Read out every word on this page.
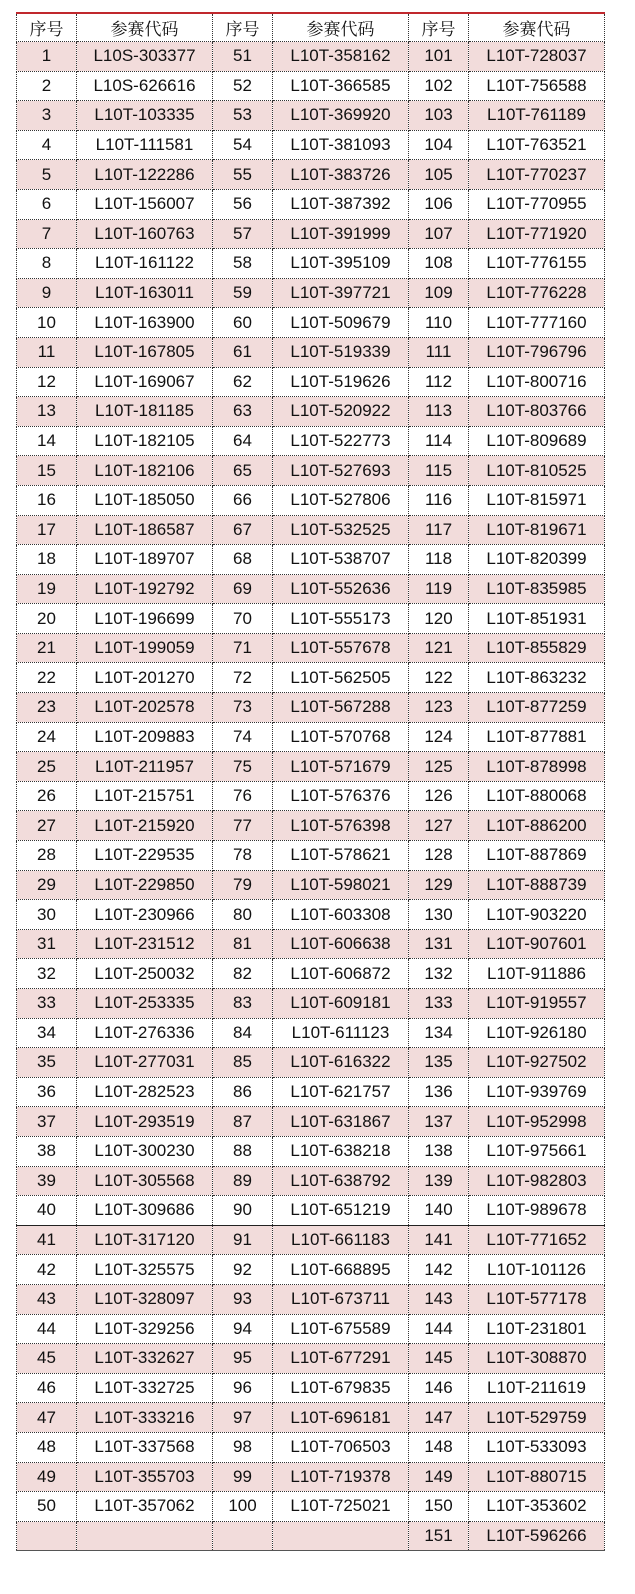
序号	参赛代码	序号	参赛代码	序号	参赛代码
1	L10S-303377	51	L10T-358162	101	L10T-728037
2	L10S-626616	52	L10T-366585	102	L10T-756588
3	L10T-103335	53	L10T-369920	103	L10T-761189
4	L10T-111581	54	L10T-381093	104	L10T-763521
5	L10T-122286	55	L10T-383726	105	L10T-770237
6	L10T-156007	56	L10T-387392	106	L10T-770955
7	L10T-160763	57	L10T-391999	107	L10T-771920
8	L10T-161122	58	L10T-395109	108	L10T-776155
9	L10T-163011	59	L10T-397721	109	L10T-776228
10	L10T-163900	60	L10T-509679	110	L10T-777160
11	L10T-167805	61	L10T-519339	111	L10T-796796
12	L10T-169067	62	L10T-519626	112	L10T-800716
13	L10T-181185	63	L10T-520922	113	L10T-803766
14	L10T-182105	64	L10T-522773	114	L10T-809689
15	L10T-182106	65	L10T-527693	115	L10T-810525
16	L10T-185050	66	L10T-527806	116	L10T-815971
17	L10T-186587	67	L10T-532525	117	L10T-819671
18	L10T-189707	68	L10T-538707	118	L10T-820399
19	L10T-192792	69	L10T-552636	119	L10T-835985
20	L10T-196699	70	L10T-555173	120	L10T-851931
21	L10T-199059	71	L10T-557678	121	L10T-855829
22	L10T-201270	72	L10T-562505	122	L10T-863232
23	L10T-202578	73	L10T-567288	123	L10T-877259
24	L10T-209883	74	L10T-570768	124	L10T-877881
25	L10T-211957	75	L10T-571679	125	L10T-878998
26	L10T-215751	76	L10T-576376	126	L10T-880068
27	L10T-215920	77	L10T-576398	127	L10T-886200
28	L10T-229535	78	L10T-578621	128	L10T-887869
29	L10T-229850	79	L10T-598021	129	L10T-888739
30	L10T-230966	80	L10T-603308	130	L10T-903220
31	L10T-231512	81	L10T-606638	131	L10T-907601
32	L10T-250032	82	L10T-606872	132	L10T-911886
33	L10T-253335	83	L10T-609181	133	L10T-919557
34	L10T-276336	84	L10T-611123	134	L10T-926180
35	L10T-277031	85	L10T-616322	135	L10T-927502
36	L10T-282523	86	L10T-621757	136	L10T-939769
37	L10T-293519	87	L10T-631867	137	L10T-952998
38	L10T-300230	88	L10T-638218	138	L10T-975661
39	L10T-305568	89	L10T-638792	139	L10T-982803
40	L10T-309686	90	L10T-651219	140	L10T-989678
41	L10T-317120	91	L10T-661183	141	L10T-771652
42	L10T-325575	92	L10T-668895	142	L10T-101126
43	L10T-328097	93	L10T-673711	143	L10T-577178
44	L10T-329256	94	L10T-675589	144	L10T-231801
45	L10T-332627	95	L10T-677291	145	L10T-308870
46	L10T-332725	96	L10T-679835	146	L10T-211619
47	L10T-333216	97	L10T-696181	147	L10T-529759
48	L10T-337568	98	L10T-706503	148	L10T-533093
49	L10T-355703	99	L10T-719378	149	L10T-880715
50	L10T-357062	100	L10T-725021	150	L10T-353602
				151	L10T-596266
